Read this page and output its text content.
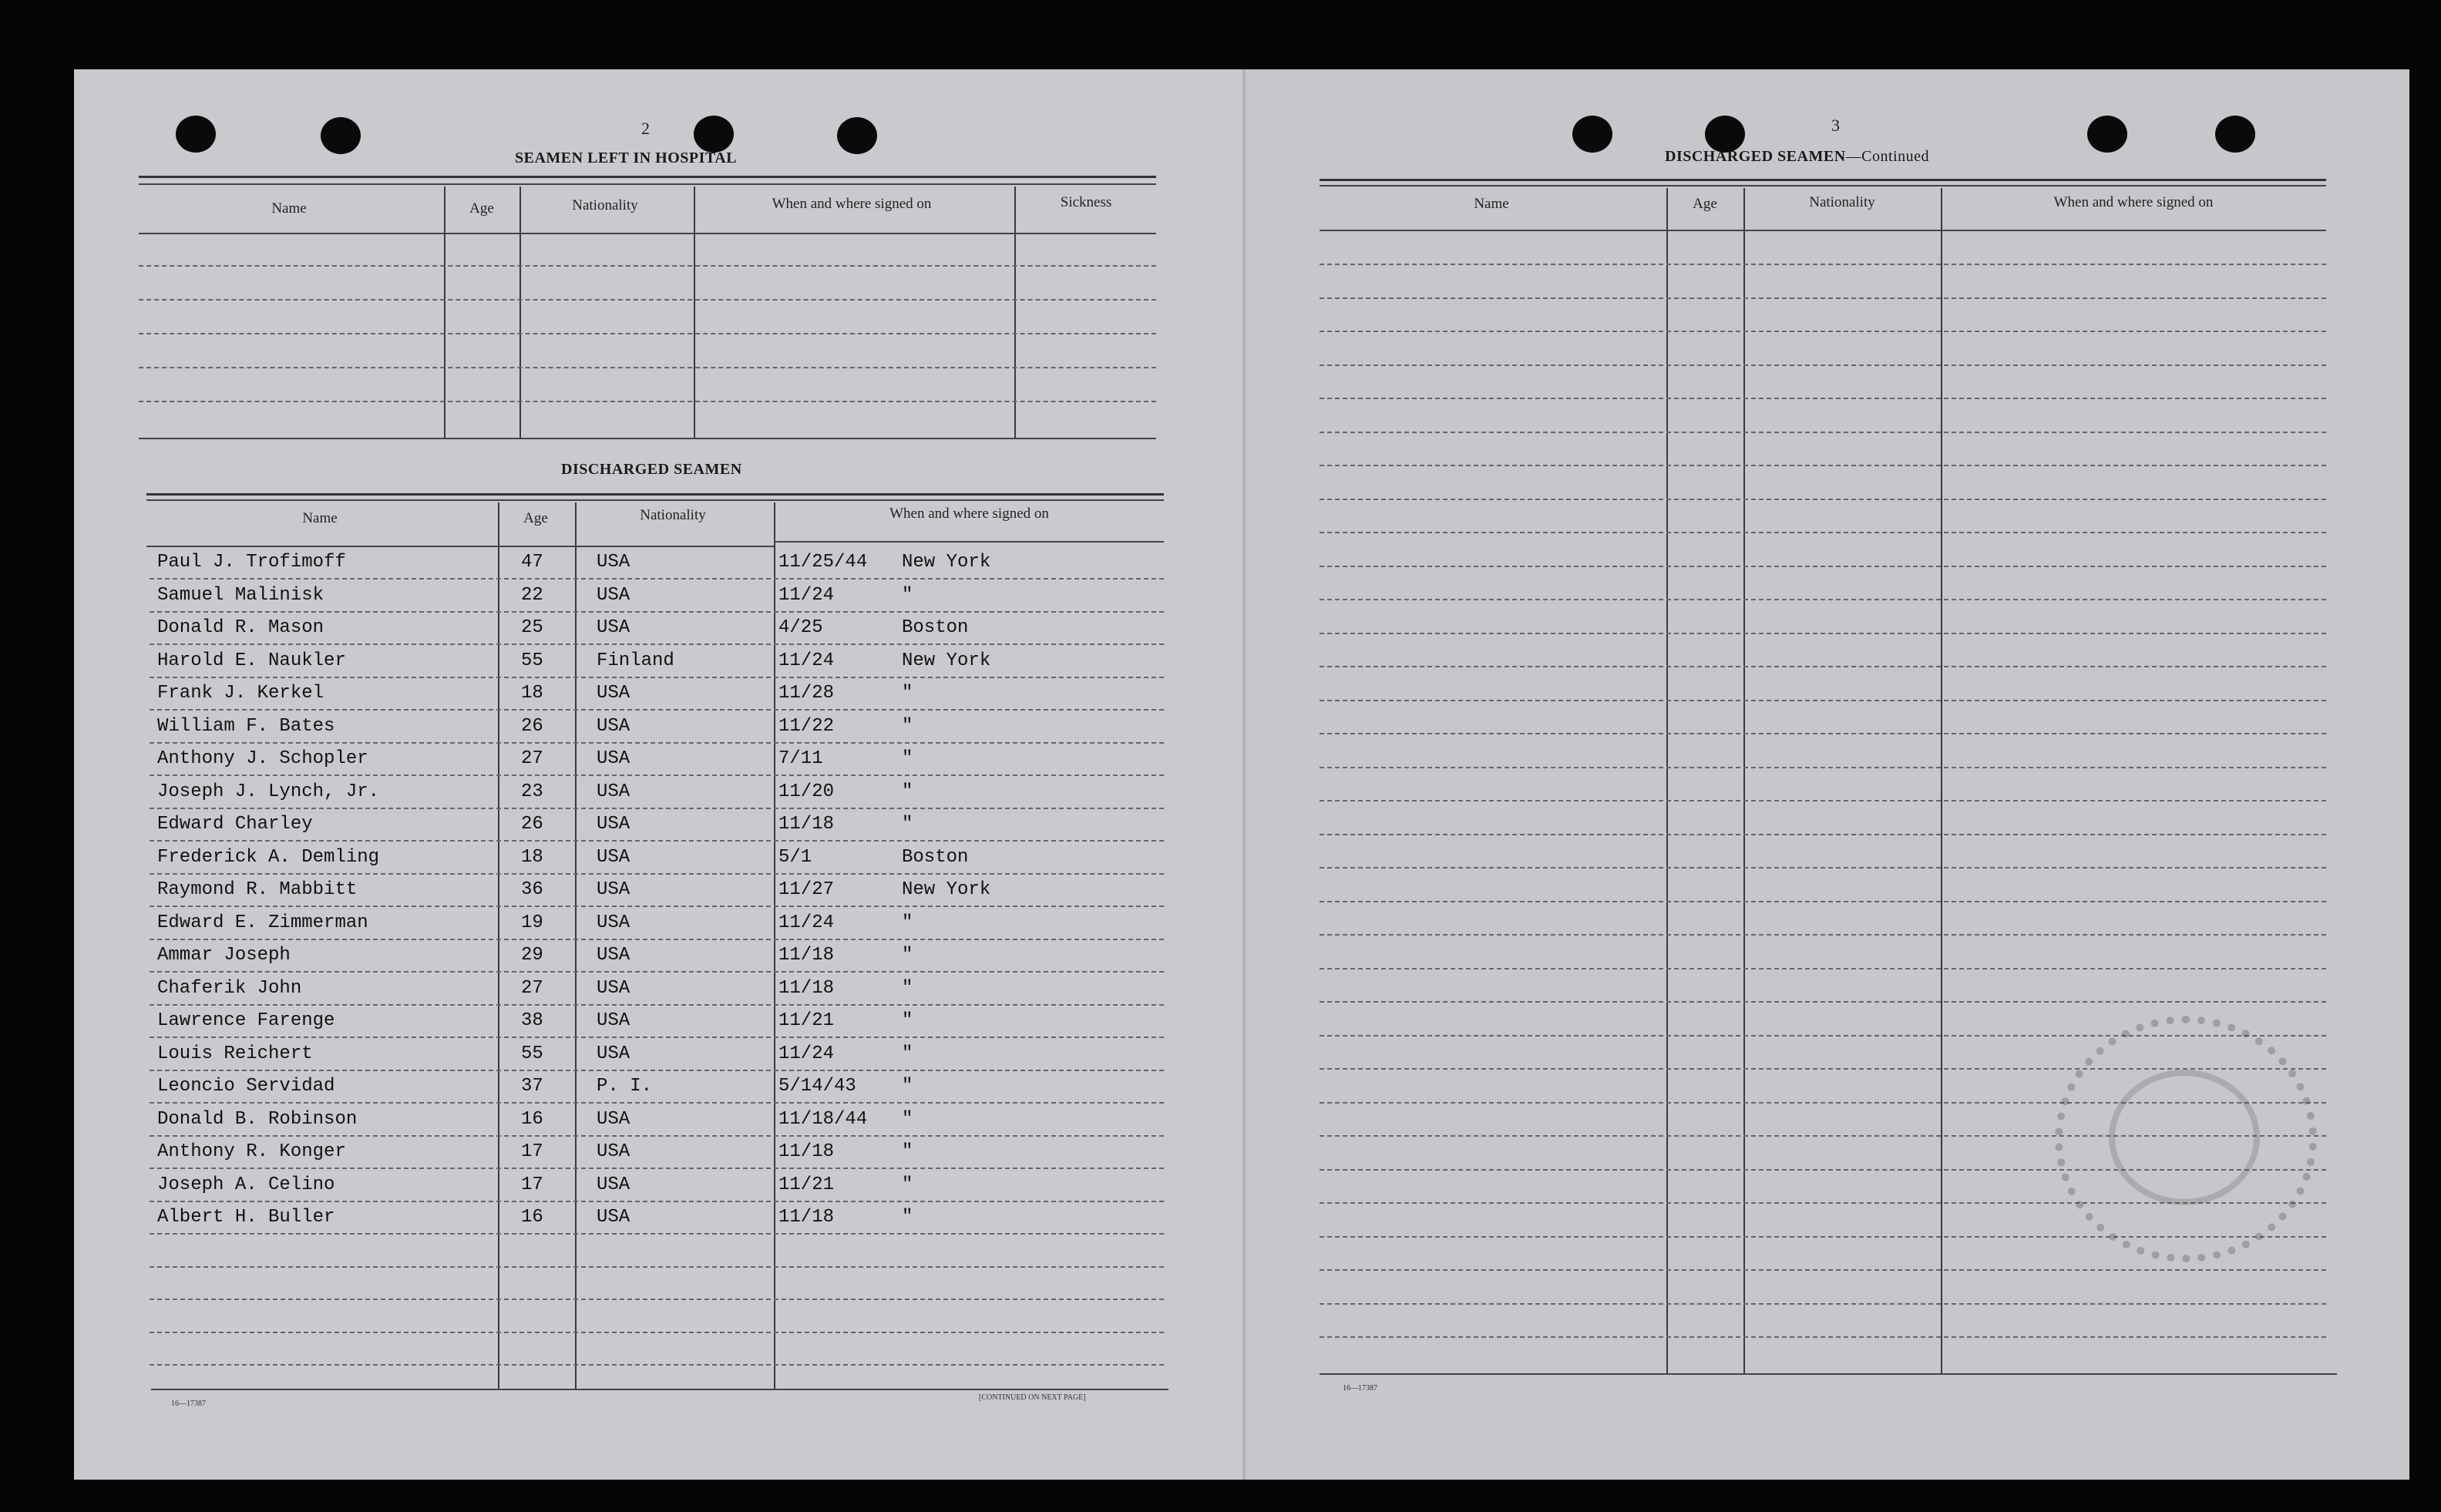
2
SEAMEN LEFT IN HOSPITAL
Name	Age	Nationality	When and where signed on	Sickness
DISCHARGED SEAMEN
Name	Age	Nationality	When and where signed on
Paul J. Trofimoff	47	USA	11/25/44 New York
Samuel Malinisk	22	USA	11/24	"
Donald R. Mason	25	USA	4/25	Boston
Harold E. Naukler	55	Finland	11/24	New York
Frank J. Kerkel	18	USA	11/28	"
William F. Bates	26	USA	11/22	"
Anthony J. Schopler	27	USA	7/11	"
Joseph J. Lynch, Jr.	23	USA	11/20	"
Edward Charley	26	USA	11/18	"
Frederick A. Demling	18	USA	5/1	Boston
Raymond R. Mabbitt	36	USA	11/27	New York
Edward E. Zimmerman	19	USA	11/24	"
Ammar Joseph	29	USA	11/18	"
Chaferik John	27	USA	11/18	"
Lawrence Farenge	38	USA	11/21	"
Louis Reichert	55	USA	11/24	"
Leoncio Servidad	37	P. I.	5/14/43 "
Donald B. Robinson	16	USA	11/18/44 "
Anthony R. Konger	17	USA	11/18	"
Joseph A. Celino	17	USA	11/21	"
Albert H. Buller	16	USA	11/18	"
16—17387
[CONTINUED ON NEXT PAGE]
3
DISCHARGED SEAMEN—Continued
Name	Age	Nationality	When and where signed on
16—17387
